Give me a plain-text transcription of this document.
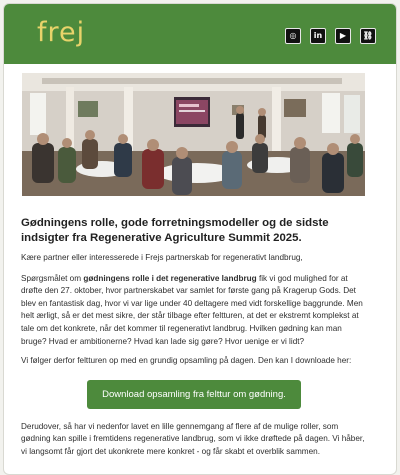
frej	◎	in	▶	⛓
Gødningens rolle, gode forretningsmodeller og de sidste indsigter fra Regenerative Agriculture Summit 2025.

Kære partner eller interesserede i Frejs partnerskab for regenerativt landbrug,

Spørgsmålet om gødningens rolle i det regenerative landbrug fik vi god mulighed for at drøfte den 27. oktober, hvor partnerskabet var samlet for første gang på Kragerup Gods. Det blev en fantastisk dag, hvor vi var lige under 40 deltagere med vidt forskellige baggrunde. Men helt ærligt, så er det mest sikre, der står tilbage efter feltturen, at det er ekstremt komplekst at tale om det konkrete, når det kommer til regenerativt landbrug. Hvilken gødning kan man bruge? Hvad er ambitionerne? Hvad kan lade sig gøre? Hvor uenige er vi lidt?

Vi følger derfor feltturen op med en grundig opsamling på dagen. Den kan I downloade her:

Download opsamling fra felttur om gødning.

Derudover, så har vi nedenfor lavet en lille gennemgang af flere af de mulige roller, som gødning kan spille i fremtidens regenerative landbrug, som vi ikke drøftede på dagen. Vi håber, vi langsomt får gjort det ukonkrete mere konkret - og får skabt et overblik sammen.
